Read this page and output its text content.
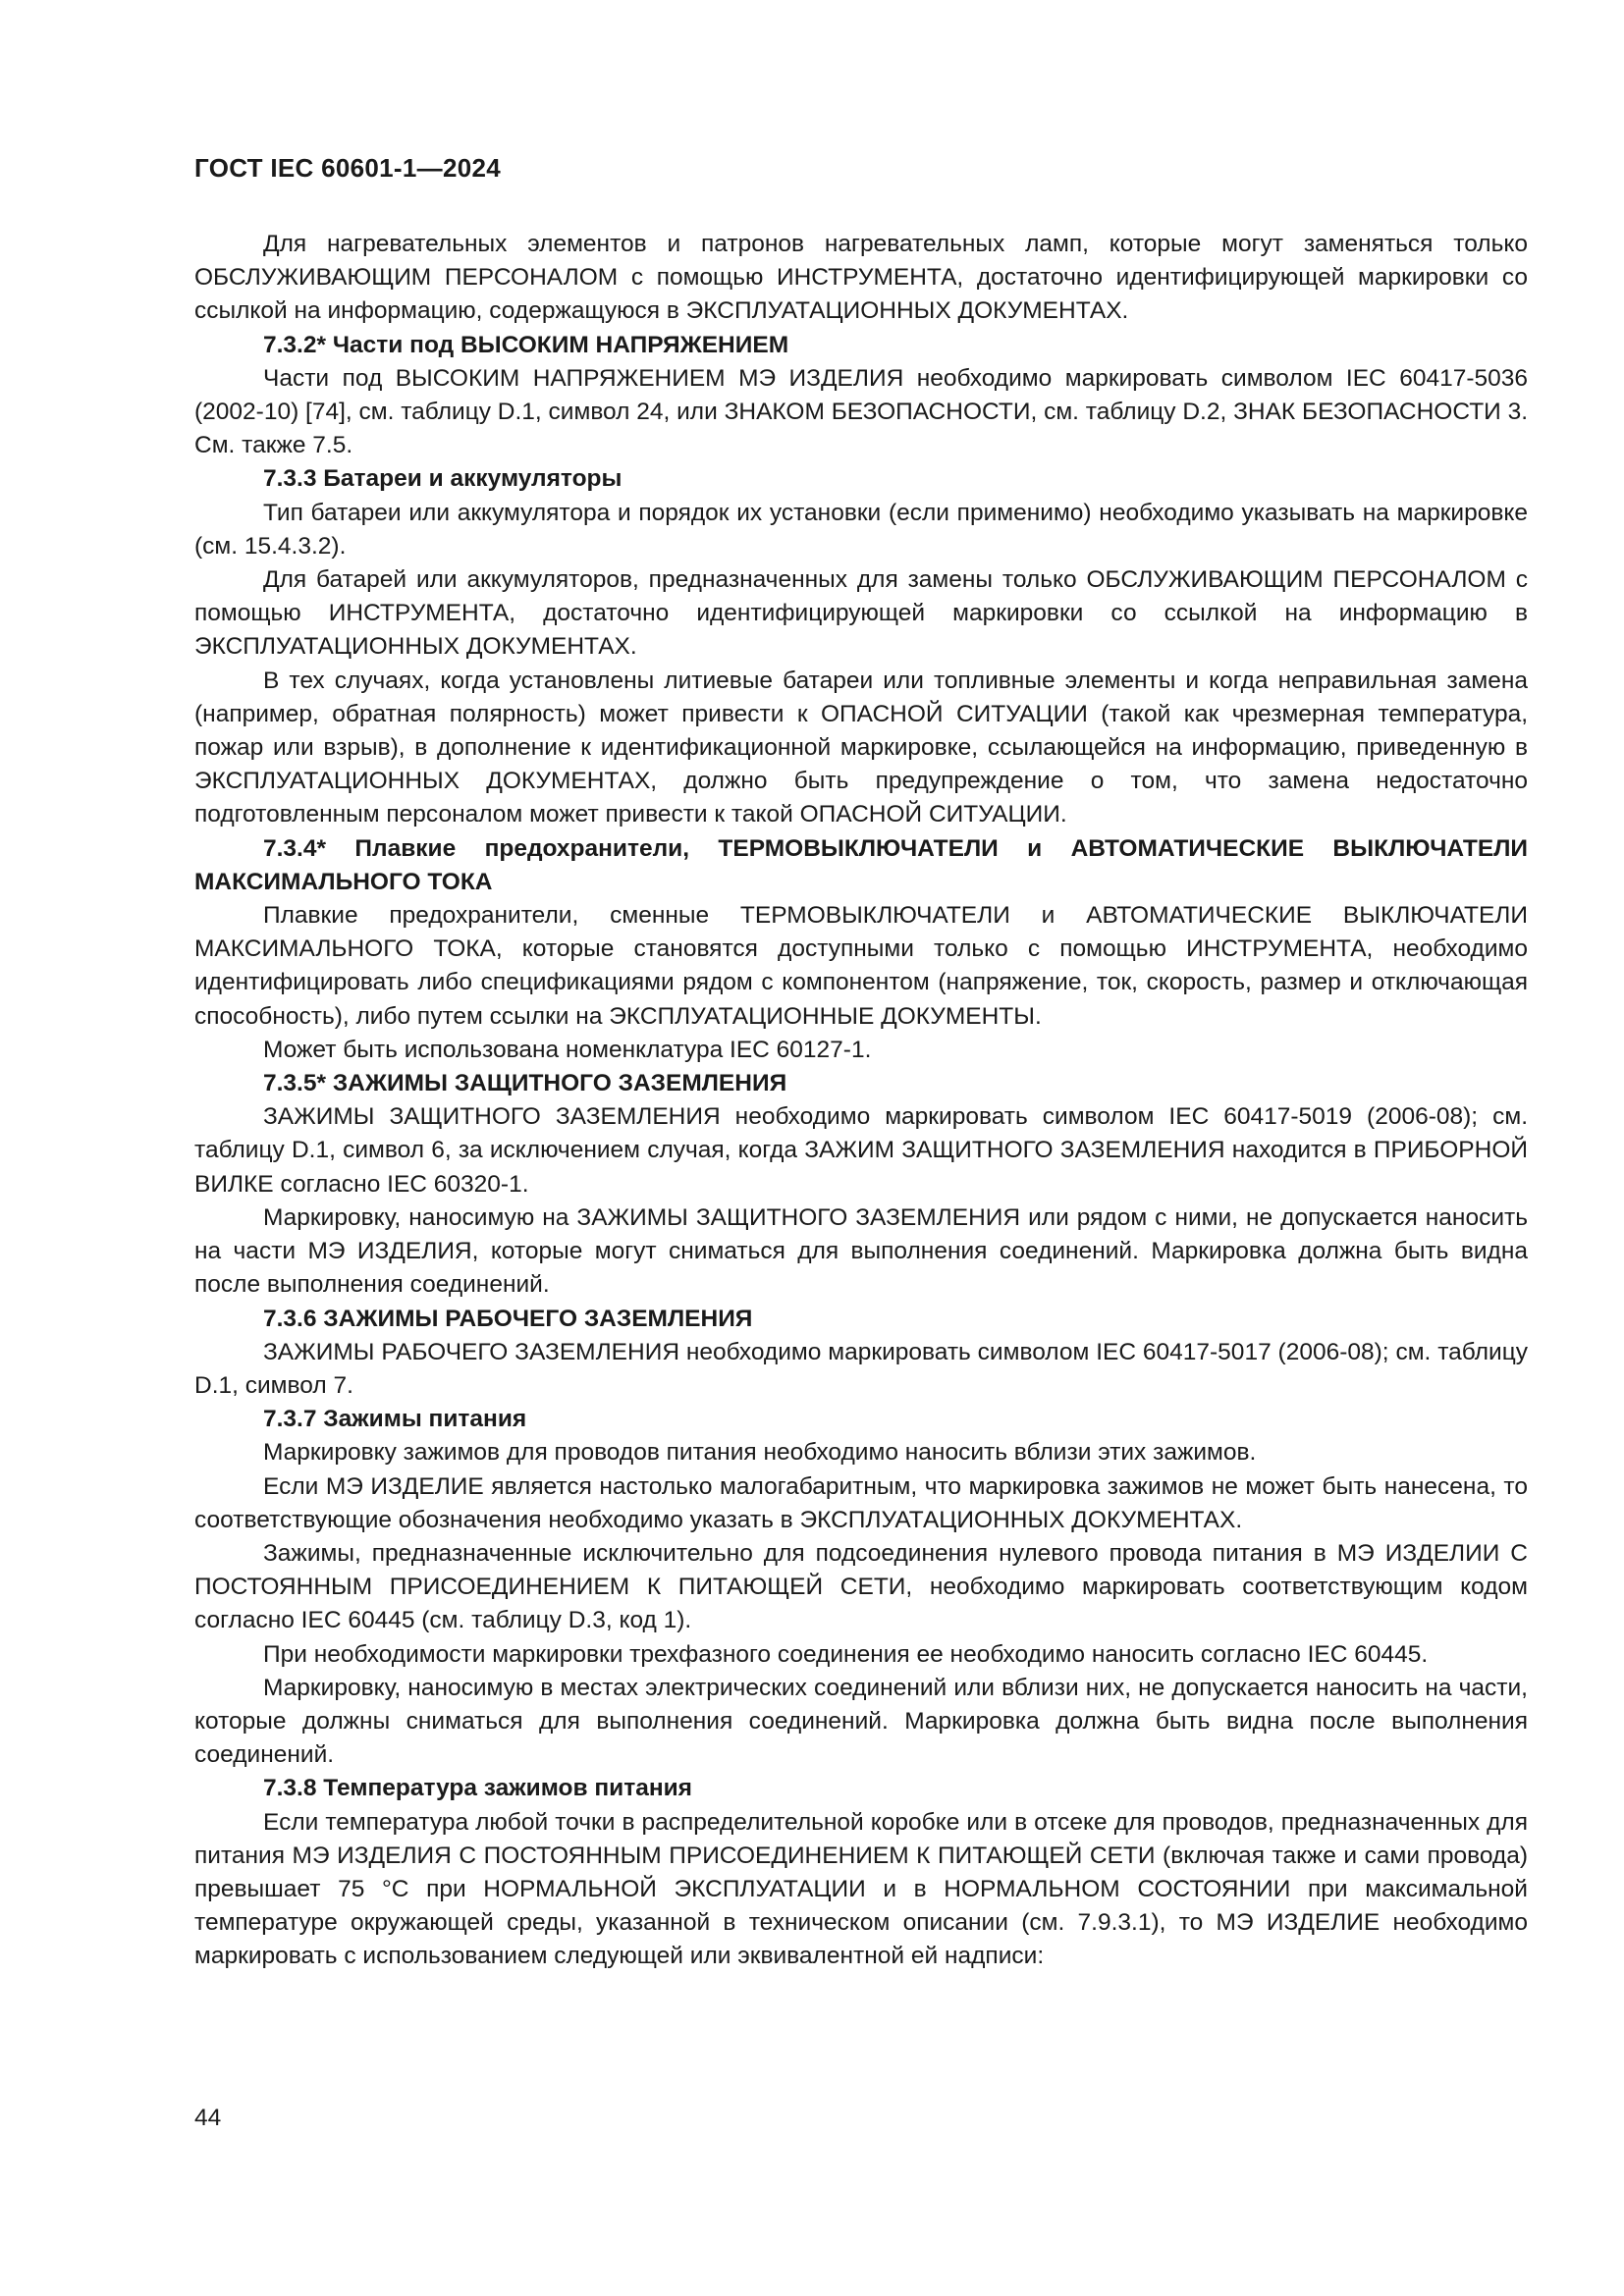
ГОСТ IEC 60601-1—2024

Для нагревательных элементов и патронов нагревательных ламп, которые могут заменяться только ОБСЛУЖИВАЮЩИМ ПЕРСОНАЛОМ с помощью ИНСТРУМЕНТА, достаточно идентифицирующей маркировки со ссылкой на информацию, содержащуюся в ЭКСПЛУАТАЦИОННЫХ ДОКУМЕНТАХ.

7.3.2* Части под ВЫСОКИМ НАПРЯЖЕНИЕМ

Части под ВЫСОКИМ НАПРЯЖЕНИЕМ МЭ ИЗДЕЛИЯ необходимо маркировать символом IEC 60417-5036 (2002-10) [74], см. таблицу D.1, символ 24, или ЗНАКОМ БЕЗОПАСНОСТИ, см. таблицу D.2, ЗНАК БЕЗОПАСНОСТИ 3. См. также 7.5.

7.3.3 Батареи и аккумуляторы

Тип батареи или аккумулятора и порядок их установки (если применимо) необходимо указывать на маркировке (см. 15.4.3.2).

Для батарей или аккумуляторов, предназначенных для замены только ОБСЛУЖИВАЮЩИМ ПЕРСОНАЛОМ с помощью ИНСТРУМЕНТА, достаточно идентифицирующей маркировки со ссылкой на информацию в ЭКСПЛУАТАЦИОННЫХ ДОКУМЕНТАХ.

В тех случаях, когда установлены литиевые батареи или топливные элементы и когда неправильная замена (например, обратная полярность) может привести к ОПАСНОЙ СИТУАЦИИ (такой как чрезмерная температура, пожар или взрыв), в дополнение к идентификационной маркировке, ссылающейся на информацию, приведенную в ЭКСПЛУАТАЦИОННЫХ ДОКУМЕНТАХ, должно быть предупреждение о том, что замена недостаточно подготовленным персоналом может привести к такой ОПАСНОЙ СИТУАЦИИ.

7.3.4* Плавкие предохранители, ТЕРМОВЫКЛЮЧАТЕЛИ и АВТОМАТИЧЕСКИЕ ВЫКЛЮЧАТЕЛИ МАКСИМАЛЬНОГО ТОКА

Плавкие предохранители, сменные ТЕРМОВЫКЛЮЧАТЕЛИ и АВТОМАТИЧЕСКИЕ ВЫКЛЮЧАТЕЛИ МАКСИМАЛЬНОГО ТОКА, которые становятся доступными только с помощью ИНСТРУМЕНТА, необходимо идентифицировать либо спецификациями рядом с компонентом (напряжение, ток, скорость, размер и отключающая способность), либо путем ссылки на ЭКСПЛУАТАЦИОННЫЕ ДОКУМЕНТЫ.

Может быть использована номенклатура IEC 60127-1.

7.3.5* ЗАЖИМЫ ЗАЩИТНОГО ЗАЗЕМЛЕНИЯ

ЗАЖИМЫ ЗАЩИТНОГО ЗАЗЕМЛЕНИЯ необходимо маркировать символом IEC 60417-5019 (2006-08); см. таблицу D.1, символ 6, за исключением случая, когда ЗАЖИМ ЗАЩИТНОГО ЗАЗЕМЛЕНИЯ находится в ПРИБОРНОЙ ВИЛКЕ согласно IEC 60320-1.

Маркировку, наносимую на ЗАЖИМЫ ЗАЩИТНОГО ЗАЗЕМЛЕНИЯ или рядом с ними, не допускается наносить на части МЭ ИЗДЕЛИЯ, которые могут сниматься для выполнения соединений. Маркировка должна быть видна после выполнения соединений.

7.3.6 ЗАЖИМЫ РАБОЧЕГО ЗАЗЕМЛЕНИЯ

ЗАЖИМЫ РАБОЧЕГО ЗАЗЕМЛЕНИЯ необходимо маркировать символом IEC 60417-5017 (2006-08); см. таблицу D.1, символ 7.

7.3.7 Зажимы питания

Маркировку зажимов для проводов питания необходимо наносить вблизи этих зажимов.

Если МЭ ИЗДЕЛИЕ является настолько малогабаритным, что маркировка зажимов не может быть нанесена, то соответствующие обозначения необходимо указать в ЭКСПЛУАТАЦИОННЫХ ДОКУМЕНТАХ.

Зажимы, предназначенные исключительно для подсоединения нулевого провода питания в МЭ ИЗДЕЛИИ С ПОСТОЯННЫМ ПРИСОЕДИНЕНИЕМ К ПИТАЮЩЕЙ СЕТИ, необходимо маркировать соответствующим кодом согласно IEC 60445 (см. таблицу D.3, код 1).

При необходимости маркировки трехфазного соединения ее необходимо наносить согласно IEC 60445.

Маркировку, наносимую в местах электрических соединений или вблизи них, не допускается наносить на части, которые должны сниматься для выполнения соединений. Маркировка должна быть видна после выполнения соединений.

7.3.8 Температура зажимов питания

Если температура любой точки в распределительной коробке или в отсеке для проводов, предназначенных для питания МЭ ИЗДЕЛИЯ С ПОСТОЯННЫМ ПРИСОЕДИНЕНИЕМ К ПИТАЮЩЕЙ СЕТИ (включая также и сами провода) превышает 75 °С при НОРМАЛЬНОЙ ЭКСПЛУАТАЦИИ и в НОРМАЛЬНОМ СОСТОЯНИИ при максимальной температуре окружающей среды, указанной в техническом описании (см. 7.9.3.1), то МЭ ИЗДЕЛИЕ необходимо маркировать с использованием следующей или эквивалентной ей надписи:

44
